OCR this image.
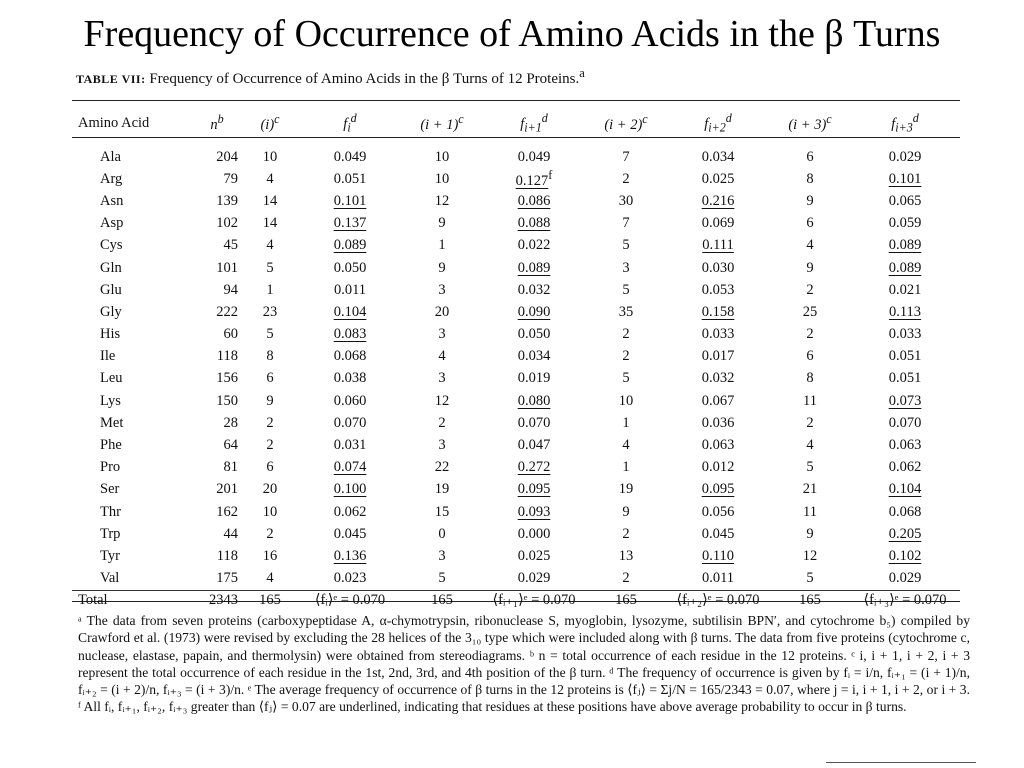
Frequency of Occurrence of Amino Acids in the β Turns
TABLE VII: Frequency of Occurrence of Amino Acids in the β Turns of 12 Proteins.$^a$
Amino Acid	$n^b$	$(i)^c$	$f_i^d$	$(i + 1)^c$	$f_{i+1}^d$	$(i + 2)^c$	$f_{i+2}^d$	$(i + 3)^c$	$f_{i+3}^d$
Ala	204	10	0.049	10	0.049	7	0.034	6	0.029
Arg	79	4	0.051	10	0.127$^f$	2	0.025	8	0.101
Asn	139	14	0.101	12	0.086	30	0.216	9	0.065
Asp	102	14	0.137	9	0.088	7	0.069	6	0.059
Cys	45	4	0.089	1	0.022	5	0.111	4	0.089
Gln	101	5	0.050	9	0.089	3	0.030	9	0.089
Glu	94	1	0.011	3	0.032	5	0.053	2	0.021
Gly	222	23	0.104	20	0.090	35	0.158	25	0.113
His	60	5	0.083	3	0.050	2	0.033	2	0.033
Ile	118	8	0.068	4	0.034	2	0.017	6	0.051
Leu	156	6	0.038	3	0.019	5	0.032	8	0.051
Lys	150	9	0.060	12	0.080	10	0.067	11	0.073
Met	28	2	0.070	2	0.070	1	0.036	2	0.070
Phe	64	2	0.031	3	0.047	4	0.063	4	0.063
Pro	81	6	0.074	22	0.272	1	0.012	5	0.062
Ser	201	20	0.100	19	0.095	19	0.095	21	0.104
Thr	162	10	0.062	15	0.093	9	0.056	11	0.068
Trp	44	2	0.045	0	0.000	2	0.045	9	0.205
Tyr	118	16	0.136	3	0.025	13	0.110	12	0.102
Val	175	4	0.023	5	0.029	2	0.011	5	0.029
Total	2343	165	⟨fᵢ⟩ᵉ = 0.070	165	⟨fᵢ₊₁⟩ᵉ = 0.070	165	⟨fᵢ₊₂⟩ᵉ = 0.070	165	⟨fᵢ₊₃⟩ᵉ = 0.070
ᵃ The data from seven proteins (carboxypeptidase A, α-chymotrypsin, ribonuclease S, myoglobin, lysozyme, subtilisin BPN′, and cytochrome b₅) compiled by Crawford et al. (1973) were revised by excluding the 28 helices of the 3₁₀ type which were included along with β turns. The data from five proteins (cytochrome c, nuclease, elastase, papain, and thermolysin) were obtained from stereodiagrams. ᵇ n = total occurrence of each residue in the 12 proteins. ᶜ i, i + 1, i + 2, i + 3 represent the total occurrence of each residue in the 1st, 2nd, 3rd, and 4th position of the β turn. ᵈ The frequency of occurrence is given by fᵢ = i/n, fᵢ₊₁ = (i + 1)/n, fᵢ₊₂ = (i + 2)/n, fᵢ₊₃ = (i + 3)/n. ᵉ The average frequency of occurrence of β turns in the 12 proteins is ⟨fⱼ⟩ = Σj/N = 165/2343 = 0.07, where j = i, i + 1, i + 2, or i + 3. ᶠ All fᵢ, fᵢ₊₁, fᵢ₊₂, fᵢ₊₃ greater than ⟨fⱼ⟩ = 0.07 are underlined, indicating that residues at these positions have above average probability to occur in β turns.
